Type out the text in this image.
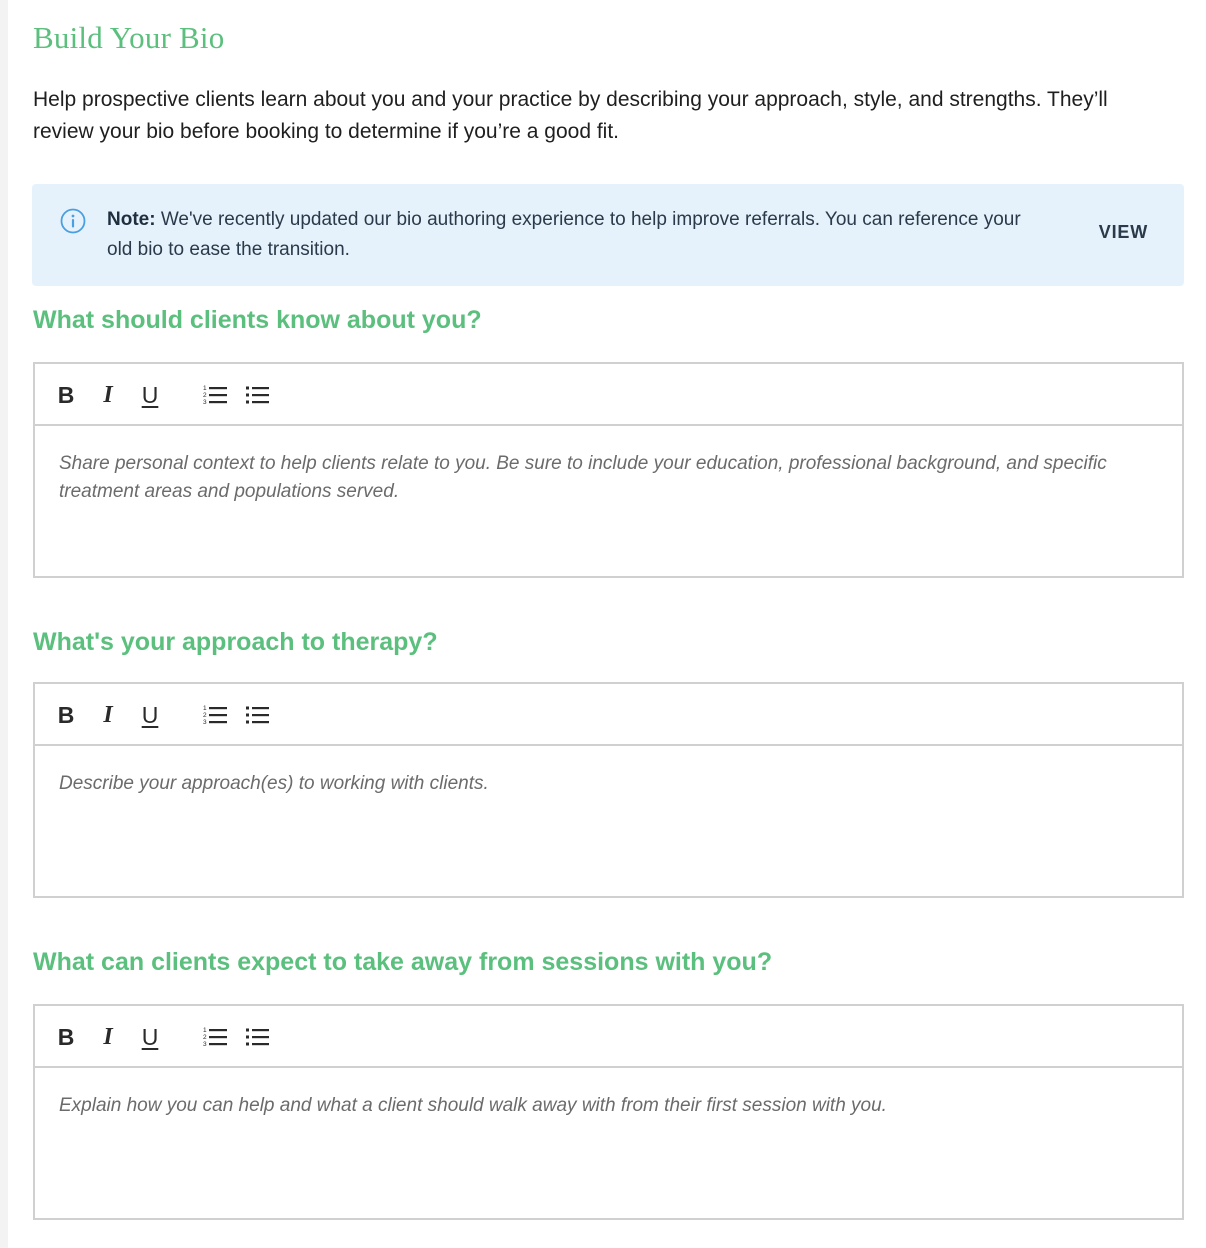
Build Your Bio

Help prospective clients learn about you and your practice by describing your approach, style, and strengths. They’ll review your bio before booking to determine if you’re a good fit.

Note: We've recently updated our bio authoring experience to help improve referrals. You can reference your old bio to ease the transition.

VIEW
What should clients know about you?
B	I	U	1
2
3
Share personal context to help clients relate to you. Be sure to include your education, professional background, and specific treatment areas and populations served.
What's your approach to therapy?
B	I	U	1
2
3
Describe your approach(es) to working with clients.
What can clients expect to take away from sessions with you?
B	I	U	1
2
3
Explain how you can help and what a client should walk away with from their first session with you.
